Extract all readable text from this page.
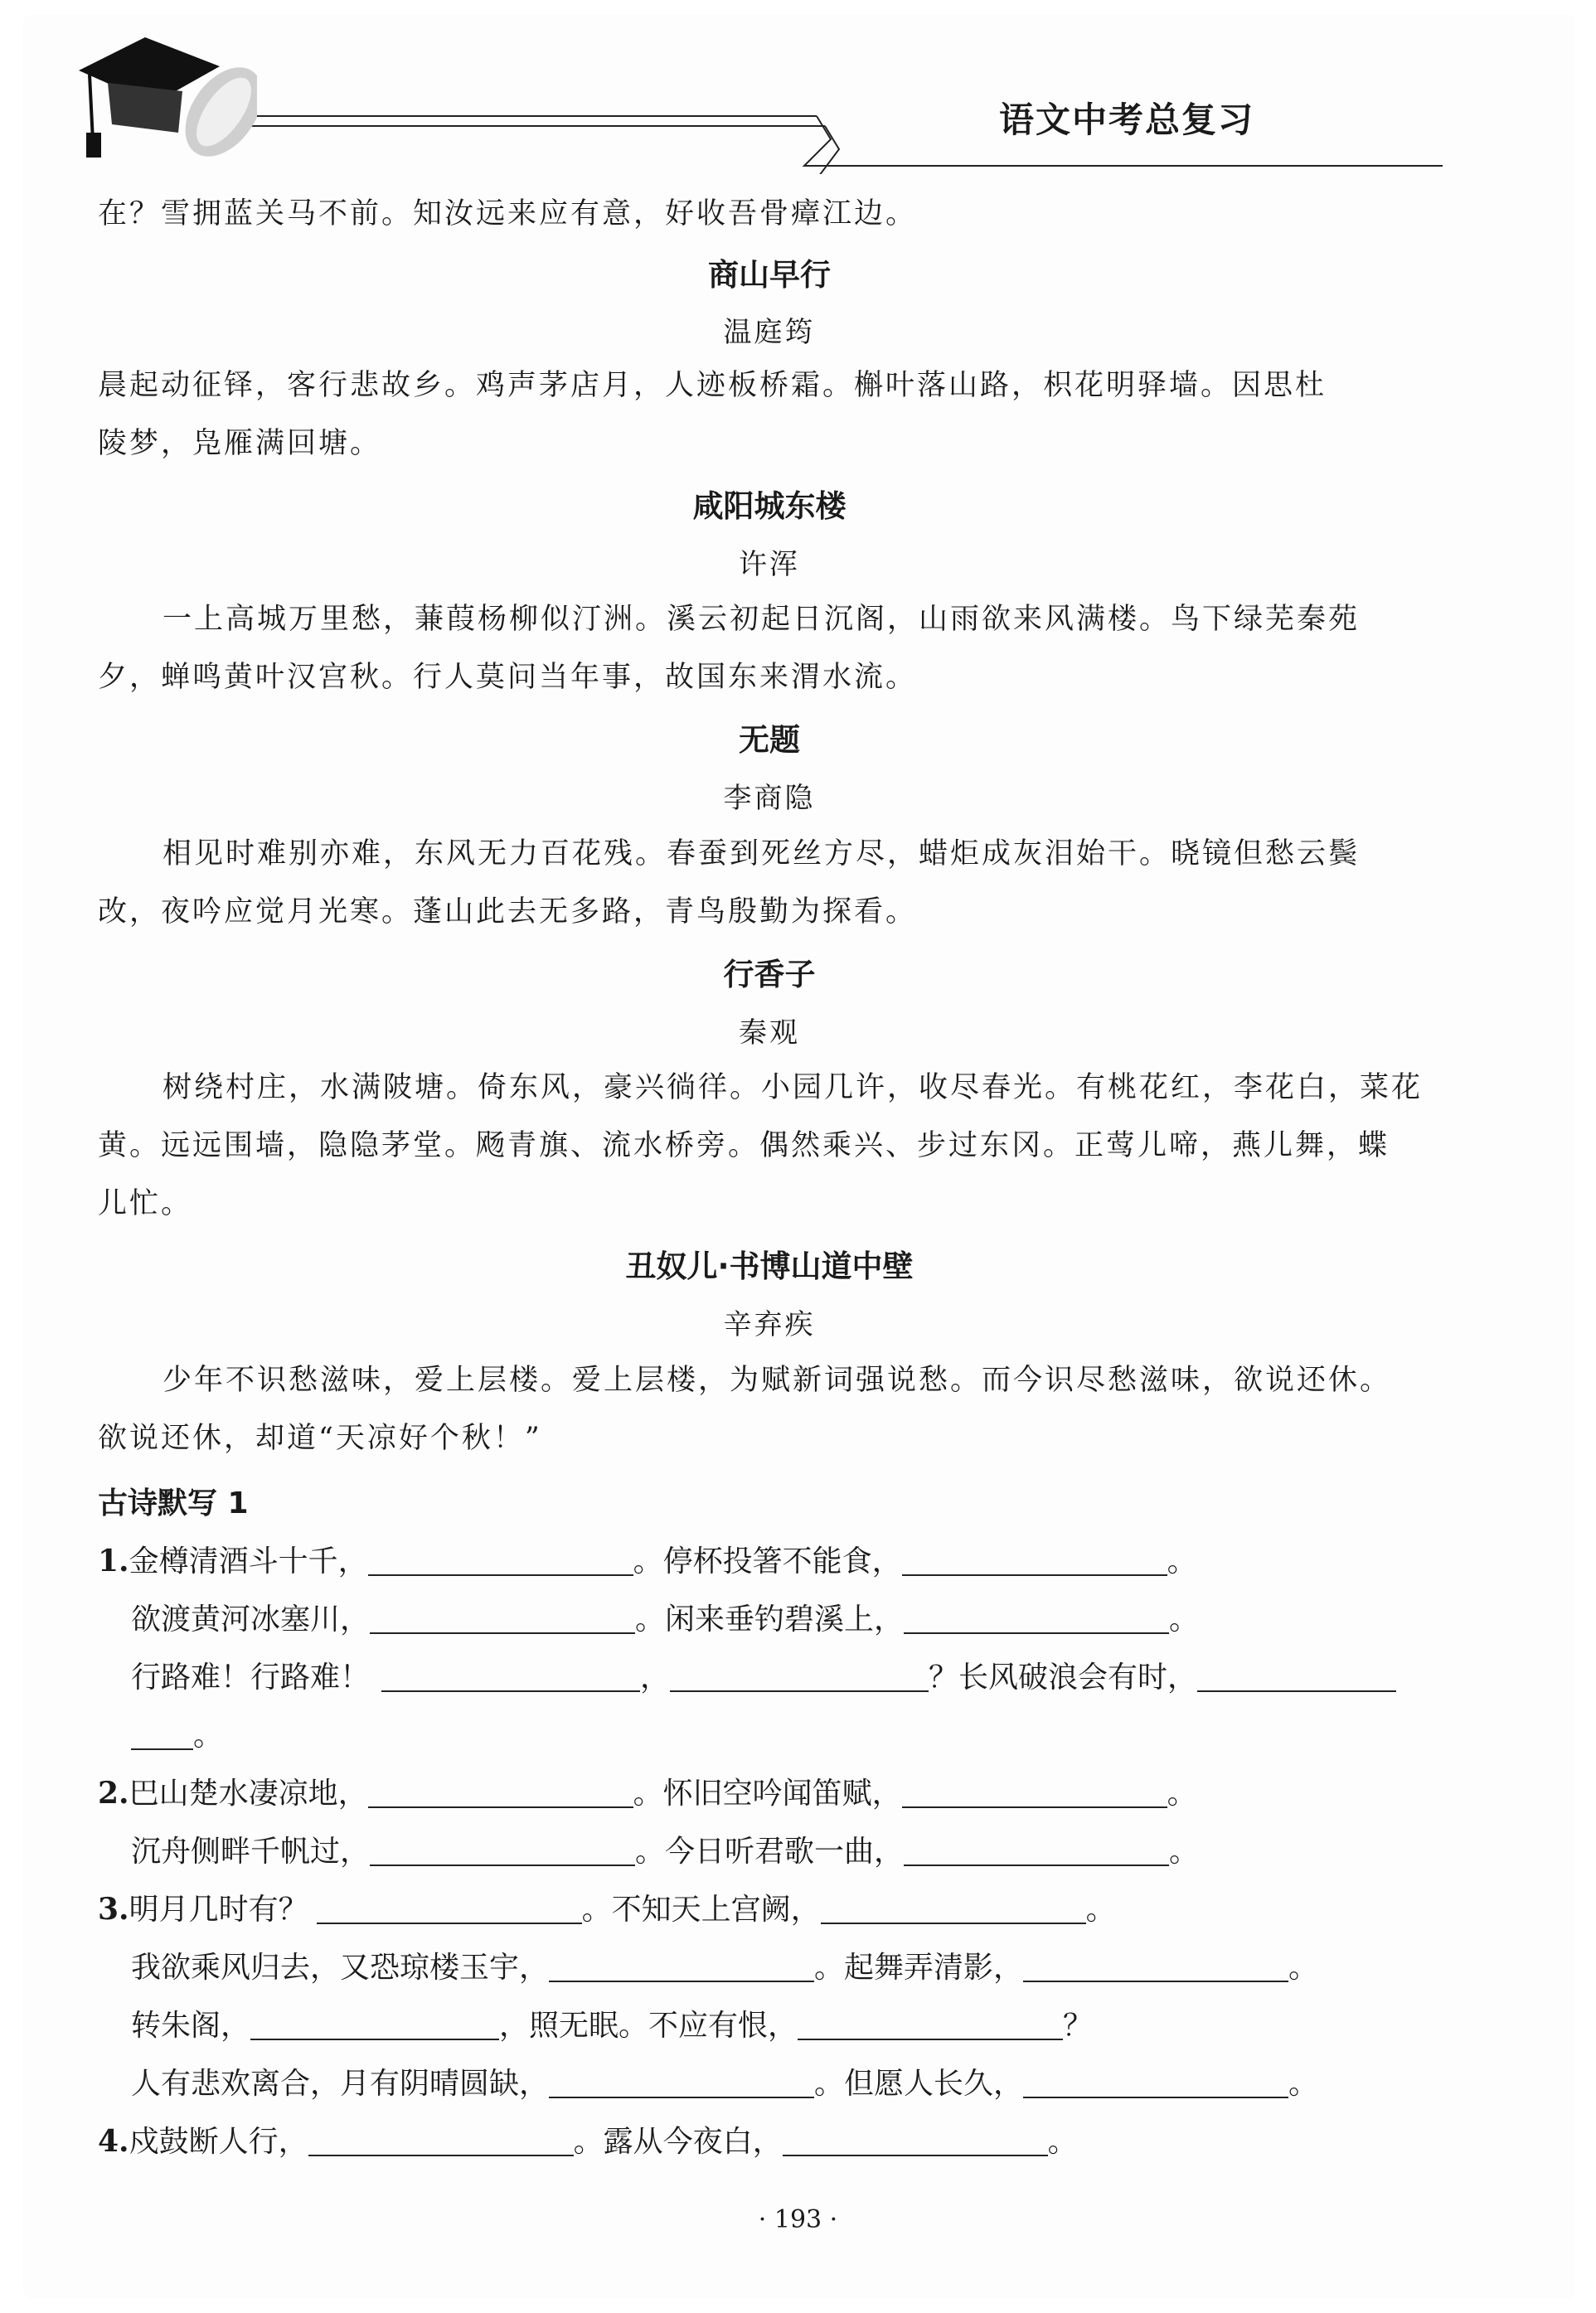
语文中考总复习
在？雪拥蓝关马不前。知汝远来应有意，好收吾骨瘴江边。
商山早行
温庭筠
晨起动征铎，客行悲故乡。鸡声茅店月，人迹板桥霜。槲叶落山路，枳花明驿墙。因思杜
陵梦，凫雁满回塘。
咸阳城东楼
许浑
一上高城万里愁，蒹葭杨柳似汀洲。溪云初起日沉阁，山雨欲来风满楼。鸟下绿芜秦苑
夕，蝉鸣黄叶汉宫秋。行人莫问当年事，故国东来渭水流。
无题
李商隐
相见时难别亦难，东风无力百花残。春蚕到死丝方尽，蜡炬成灰泪始干。晓镜但愁云鬓
改，夜吟应觉月光寒。蓬山此去无多路，青鸟殷勤为探看。
行香子
秦观
树绕村庄，水满陂塘。倚东风，豪兴徜徉。小园几许，收尽春光。有桃花红，李花白，菜花
黄。远远围墙，隐隐茅堂。飏青旗、流水桥旁。偶然乘兴、步过东冈。正莺儿啼，燕儿舞，蝶
儿忙。
丑奴儿·书博山道中壁
辛弃疾
少年不识愁滋味，爱上层楼。爱上层楼，为赋新词强说愁。而今识尽愁滋味，欲说还休。
欲说还休，却道“天凉好个秋！”
古诗默写 1
1.金樽清酒斗十千，	。停杯投箸不能食，	。
欲渡黄河冰塞川，	。闲来垂钓碧溪上，	。
行路难！行路难！	，	？长风破浪会有时，
。
2.巴山楚水凄凉地，	。怀旧空吟闻笛赋，	。
沉舟侧畔千帆过，	。今日听君歌一曲，	。
3.明月几时有？	。不知天上宫阙，	。
我欲乘风归去，又恐琼楼玉宇，	。起舞弄清影，	。
转朱阁，	，照无眠。不应有恨，	？
人有悲欢离合，月有阴晴圆缺，	。但愿人长久，	。
4.戍鼓断人行，	。露从今夜白，	。
· 193 ·
